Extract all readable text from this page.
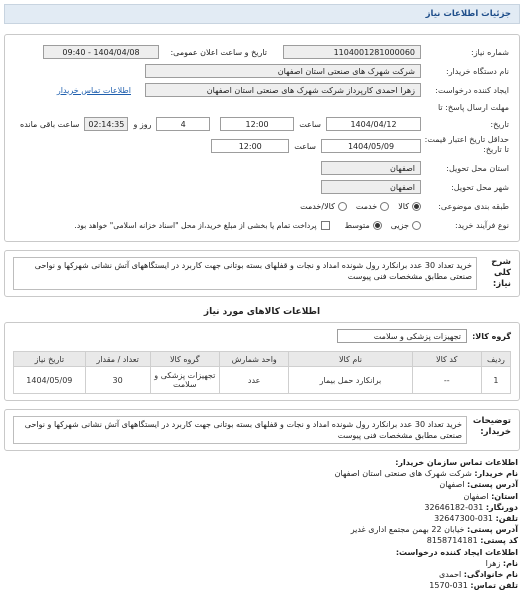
جزئیات اطلاعات نیاز
شماره نیاز:
1104001281000060
تاریخ و ساعت اعلان عمومی:
1404/04/08 - 09:40
نام دستگاه خریدار:
شرکت شهرک های صنعتی استان اصفهان
ایجاد کننده درخواست:
زهرا احمدی کارپرداز شرکت شهرک های صنعتی استان اصفهان
اطلاعات تماس خریدار
مهلت ارسال پاسخ: تا
تاریخ:
1404/04/12
ساعت
12:00
4
روز و
02:14:35
ساعت باقی مانده
حداقل تاریخ اعتبار قیمت: تا تاریخ:
1404/05/09
ساعت
12:00
استان محل تحویل:
اصفهان
شهر محل تحویل:
اصفهان
طبقه بندی موضوعی:
کالا
خدمت
کالا/خدمت
نوع فرآیند خرید:
جزیی
متوسط
پرداخت تمام یا بخشی از مبلغ خرید،از محل "اسناد خزانه اسلامی" خواهد بود.
شرح کلی نیاز:
خرید تعداد 30 عدد برانکارد رول شونده امداد و نجات و قفلهای بسته بوتانی جهت کاربرد در ایستگاههای آتش نشانی شهرکها و نواحی صنعتی مطابق مشخصات فنی پیوست
اطلاعات کالاهای مورد نیاز
گروه کالا:
تجهیزات پزشکی و سلامت
ردیف	کد کالا	نام کالا	واحد شمارش	گروه کالا	تعداد / مقدار	تاریخ نیاز
1	--	برانکارد حمل بیمار	عدد	تجهیزات پزشکی و سلامت	30	1404/05/09
توضیحات خریدار:
خرید تعداد 30 عدد برانکارد رول شونده امداد و نجات و قفلهای بسته بوتانی جهت کاربرد در ایستگاههای آتش نشانی شهرکها و نواحی صنعتی مطابق مشخصات فنی پیوست
اطلاعات تماس سازمان خریدار:
نام خریدار: شرکت شهرک های صنعتی استان اصفهان
آدرس پستی: اصفهان
استان: اصفهان
دورنگار: 031-32646182
تلفن: 031-32647300
آدرس پستی: خیابان 22 بهمن مجتمع اداری غدیر
کد پستی: 8158714181
اطلاعات ایجاد کننده درخواست:
نام: زهرا
نام خانوادگی: احمدی
تلفن تماس: 031-1570
